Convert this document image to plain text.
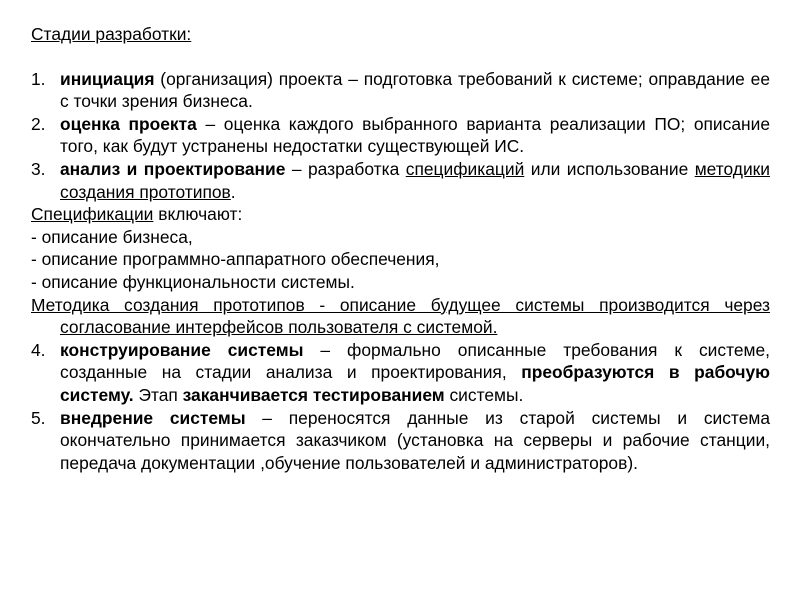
Стадии разработки:
1. инициация (организация) проекта – подготовка требований к системе; оправдание ее с точки зрения бизнеса.
2. оценка проекта – оценка каждого выбранного варианта реализации ПО; описание того, как будут устранены недостатки существующей ИС.
3. анализ и проектирование – разработка спецификаций или использование методики создания прототипов.
Спецификации включают:
- описание бизнеса,
- описание программно-аппаратного обеспечения,
- описание функциональности системы.
Методика создания прототипов - описание будущее системы производится через согласование интерфейсов пользователя с системой.
4. конструирование системы – формально описанные требования к системе, созданные на стадии анализа и проектирования, преобразуются в рабочую систему. Этап заканчивается тестированием системы.
5. внедрение системы – переносятся данные из старой системы и система окончательно принимается заказчиком (установка на серверы и рабочие станции, передача документации ,обучение пользователей и администраторов).
